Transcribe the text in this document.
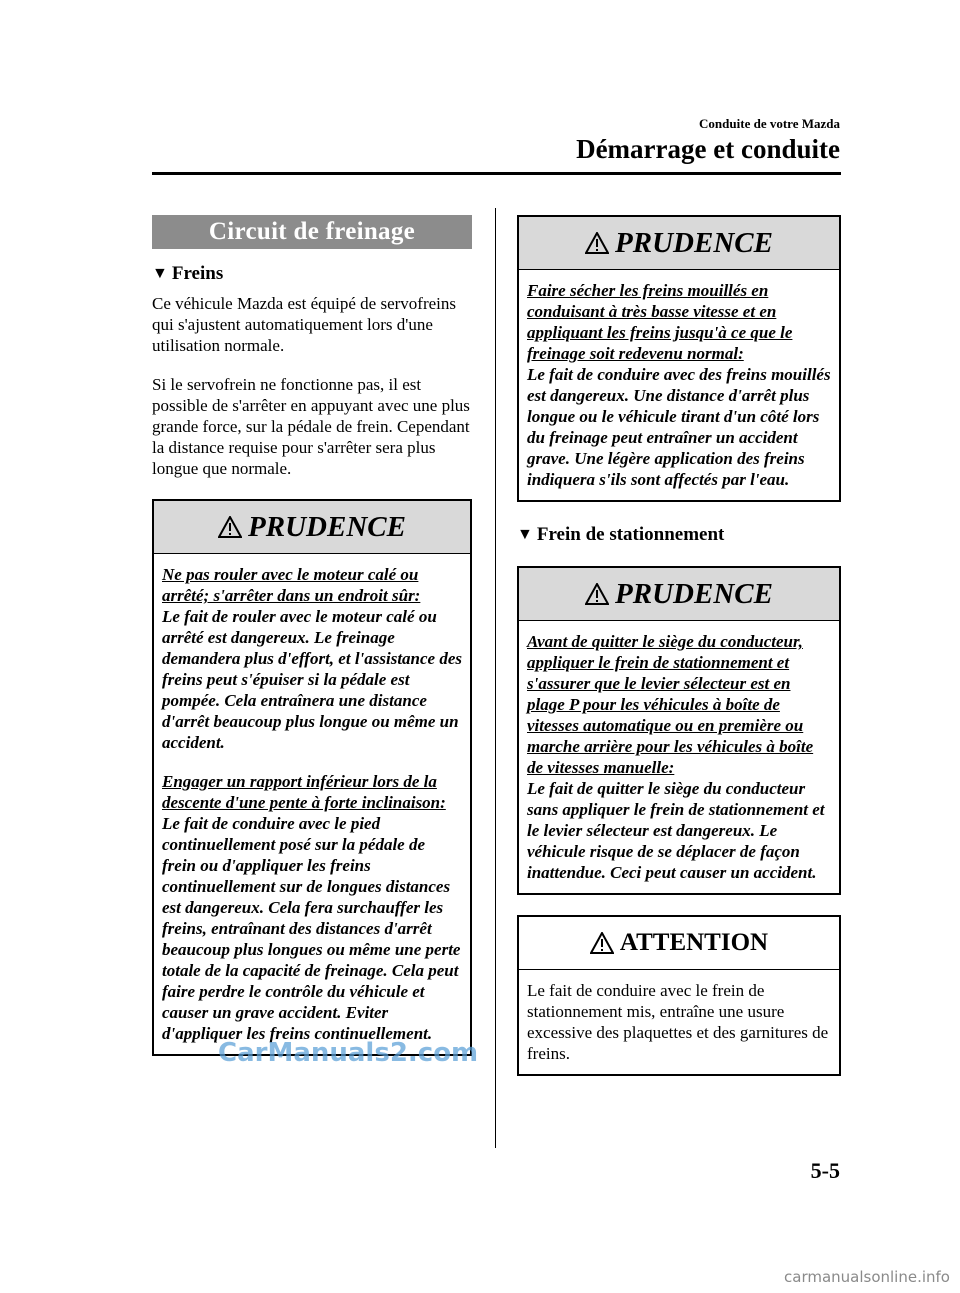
Conduite de votre Mazda
Démarrage et conduite
Circuit de freinage
▼ Freins

Ce véhicule Mazda est équipé de servofreins qui s'ajustent automatiquement lors d'une utilisation normale.

Si le servofrein ne fonctionne pas, il est possible de s'arrêter en appuyant avec une plus grande force, sur la pédale de frein. Cependant la distance requise pour s'arrêter sera plus longue que normale.

PRUDENCE
Ne pas rouler avec le moteur calé ou arrêté; s'arrêter dans un endroit sûr:
Le fait de rouler avec le moteur calé ou arrêté est dangereux. Le freinage demandera plus d'effort, et l'assistance des freins peut s'épuiser si la pédale est pompée. Cela entraînera une distance d'arrêt beaucoup plus longue ou même un accident.
Engager un rapport inférieur lors de la descente d'une pente à forte inclinaison:
Le fait de conduire avec le pied continuellement posé sur la pédale de frein ou d'appliquer les freins continuellement sur de longues distances est dangereux. Cela fera surchauffer les freins, entraînant des distances d'arrêt beaucoup plus longues ou même une perte totale de la capacité de freinage. Cela peut faire perdre le contrôle du véhicule et causer un grave accident. Eviter d'appliquer les freins continuellement.
PRUDENCE
Faire sécher les freins mouillés en conduisant à très basse vitesse et en appliquant les freins jusqu'à ce que le freinage soit redevenu normal:
Le fait de conduire avec des freins mouillés est dangereux. Une distance d'arrêt plus longue ou le véhicule tirant d'un côté lors du freinage peut entraîner un accident grave. Une légère application des freins indiquera s'ils sont affectés par l'eau.
▼ Frein de stationnement
PRUDENCE
Avant de quitter le siège du conducteur, appliquer le frein de stationnement et s'assurer que le levier sélecteur est en plage P pour les véhicules à boîte de vitesses automatique ou en première ou marche arrière pour les véhicules à boîte de vitesses manuelle:
Le fait de quitter le siège du conducteur sans appliquer le frein de stationnement et le levier sélecteur est dangereux. Le véhicule risque de se déplacer de façon inattendue. Ceci peut causer un accident.
ATTENTION
Le fait de conduire avec le frein de stationnement mis, entraîne une usure excessive des plaquettes et des garnitures de freins.
CarManuals2.com
5-5
carmanualsonline.info
